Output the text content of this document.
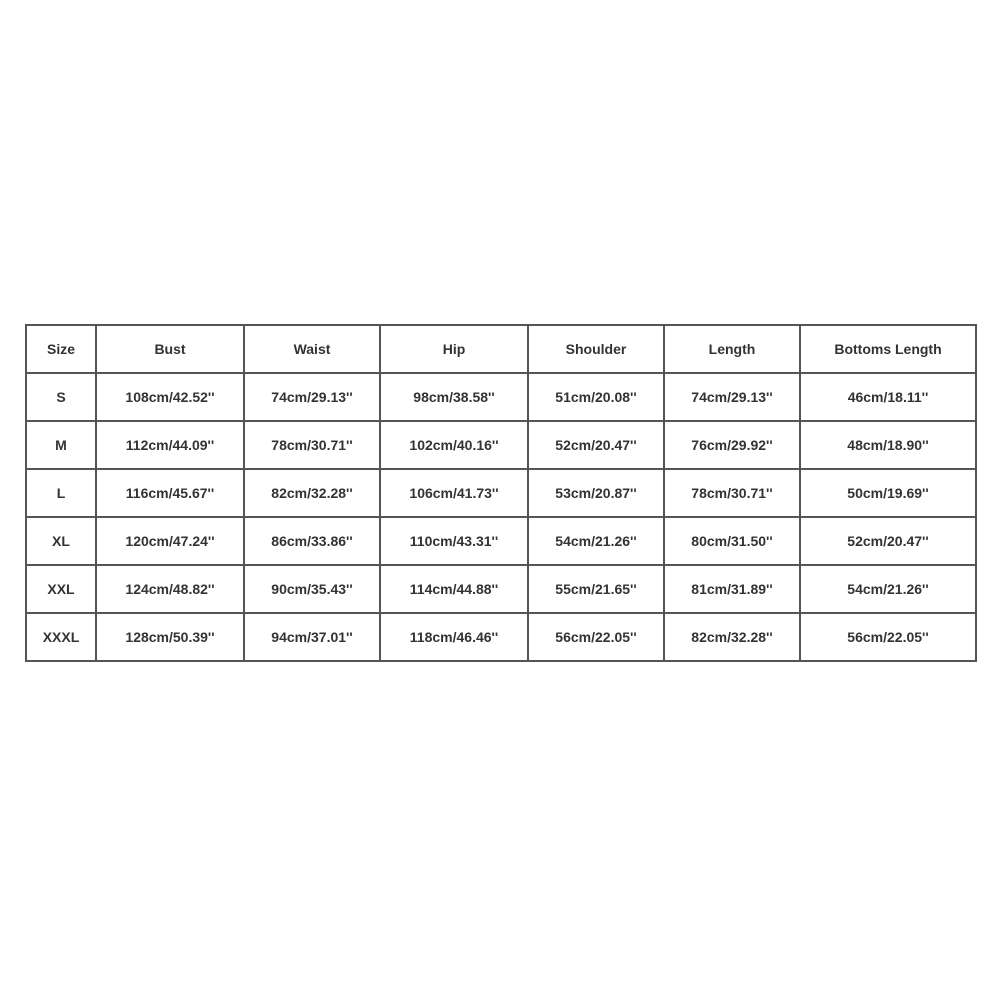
Size	Bust	Waist	Hip	Shoulder	Length	Bottoms Length
S	108cm/42.52''	74cm/29.13''	98cm/38.58''	51cm/20.08''	74cm/29.13''	46cm/18.11''
M	112cm/44.09''	78cm/30.71''	102cm/40.16''	52cm/20.47''	76cm/29.92''	48cm/18.90''
L	116cm/45.67''	82cm/32.28''	106cm/41.73''	53cm/20.87''	78cm/30.71''	50cm/19.69''
XL	120cm/47.24''	86cm/33.86''	110cm/43.31''	54cm/21.26''	80cm/31.50''	52cm/20.47''
XXL	124cm/48.82''	90cm/35.43''	114cm/44.88''	55cm/21.65''	81cm/31.89''	54cm/21.26''
XXXL	128cm/50.39''	94cm/37.01''	118cm/46.46''	56cm/22.05''	82cm/32.28''	56cm/22.05''
